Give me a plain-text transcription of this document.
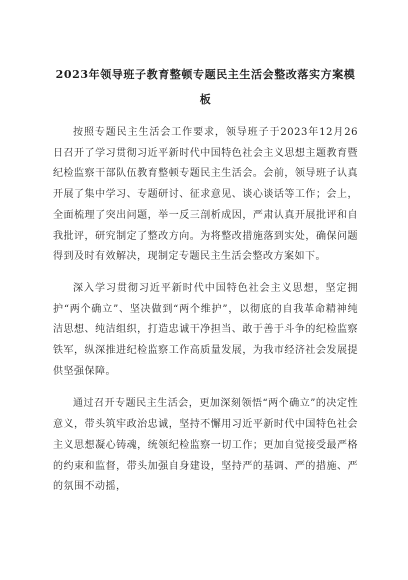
2023年领导班子教育整顿专题民主生活会整改落实方案模板

按照专题民主生活会工作要求，领导班子于2023年12月26日召开了学习贯彻习近平新时代中国特色社会主义思想主题教育暨纪检监察干部队伍教育整顿专题民主生活会。会前，领导班子认真开展了集中学习、专题研讨、征求意见、谈心谈话等工作；会上，全面梳理了突出问题，举一反三剖析成因，严肃认真开展批评和自我批评，研究制定了整改方向。为将整改措施落到实处，确保问题得到及时有效解决，现制定专题民主生活会整改方案如下。

深入学习贯彻习近平新时代中国特色社会主义思想，坚定拥护“两个确立”、坚决做到“两个维护”，以彻底的自我革命精神纯洁思想、纯洁组织，打造忠诚干净担当、敢于善于斗争的纪检监察铁军，纵深推进纪检监察工作高质量发展，为我市经济社会发展提供坚强保障。

通过召开专题民主生活会，更加深刻领悟“两个确立”的决定性意义，带头筑牢政治忠诚，坚持不懈用习近平新时代中国特色社会主义思想凝心铸魂，统领纪检监察一切工作；更加自觉接受最严格的约束和监督，带头加强自身建设，坚持严的基调、严的措施、严的氛围不动摇，
